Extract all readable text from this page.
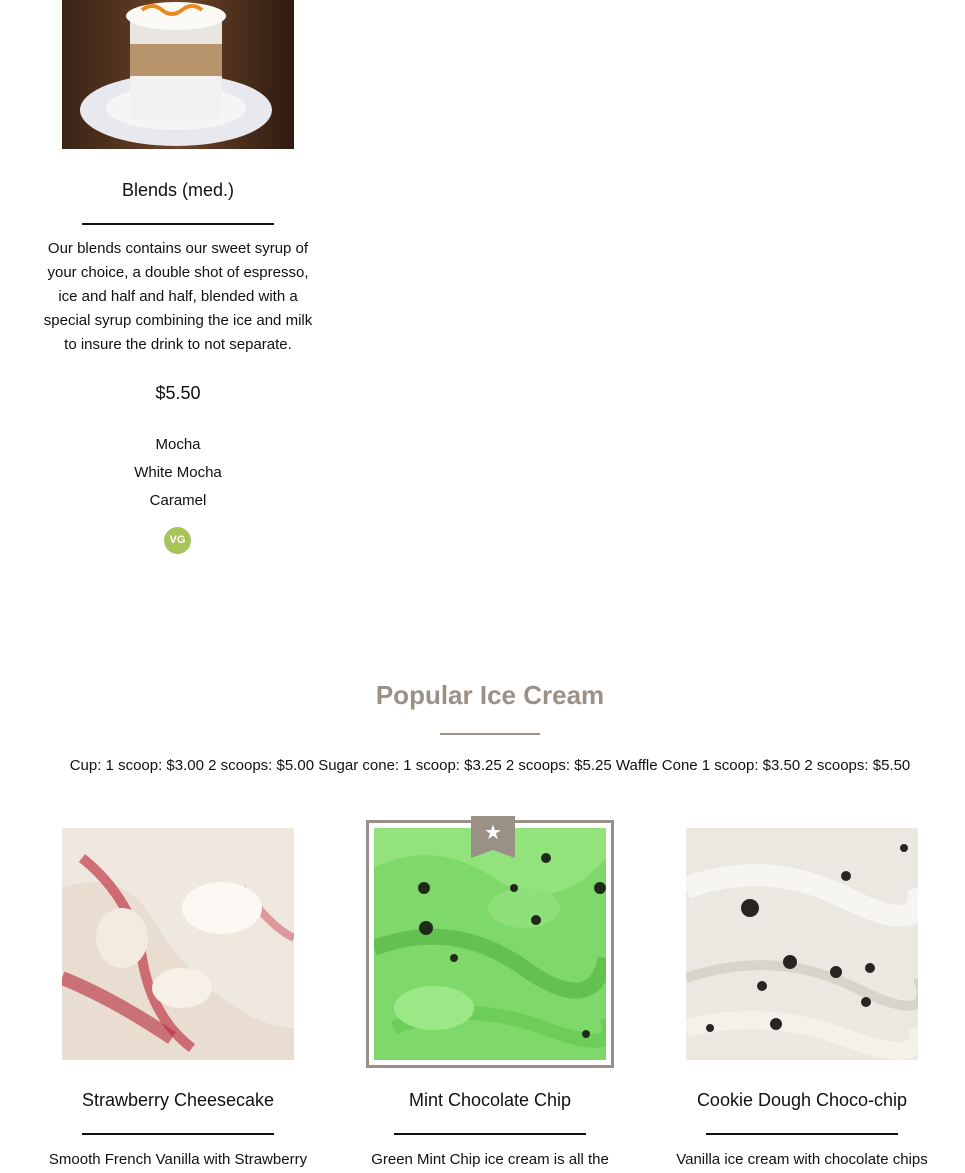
Blends (med.)
Our blends contains our sweet syrup of your choice, a double shot of espresso, ice and half and half, blended with a special syrup combining the ice and milk to insure the drink to not separate.
$5.50
Mocha
White Mocha
Caramel
VG
Popular Ice Cream
Cup: 1 scoop: $3.00 2 scoops: $5.00 Sugar cone: 1 scoop: $3.25 2 scoops: $5.25 Waffle Cone 1 scoop: $3.50 2 scoops: $5.50
Strawberry Cheesecake
Smooth French Vanilla with Strawberry
★
Mint Chocolate Chip
Green Mint Chip ice cream is all the
Cookie Dough Choco-chip
Vanilla ice cream with chocolate chips
